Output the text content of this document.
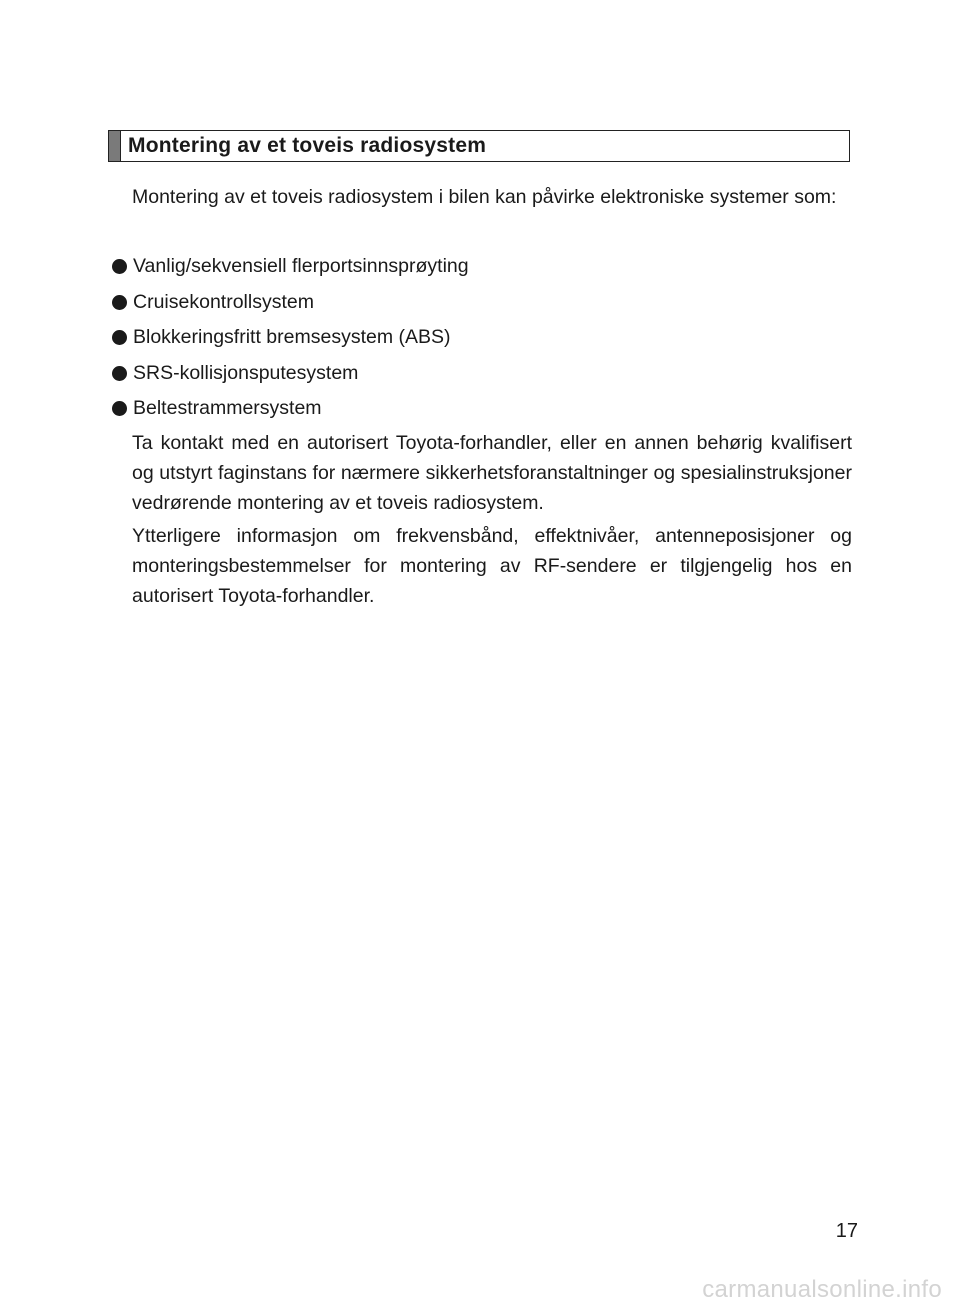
Montering av et toveis radiosystem

Montering av et toveis radiosystem i bilen kan påvirke elektroniske systemer som:

Vanlig/sekvensiell flerportsinnsprøyting
Cruisekontrollsystem
Blokkeringsfritt bremsesystem (ABS)
SRS-kollisjonsputesystem
Beltestrammersystem

Ta kontakt med en autorisert Toyota-forhandler, eller en annen behørig kvalifisert og utstyrt faginstans for nærmere sikkerhetsforanstaltninger og spesialinstruksjoner vedrørende montering av et toveis radiosystem.

Ytterligere informasjon om frekvensbånd, effektnivåer, antenneposisjoner og monteringsbestemmelser for montering av RF-sendere er tilgjengelig hos en autorisert Toyota-forhandler.

17
carmanualsonline.info
